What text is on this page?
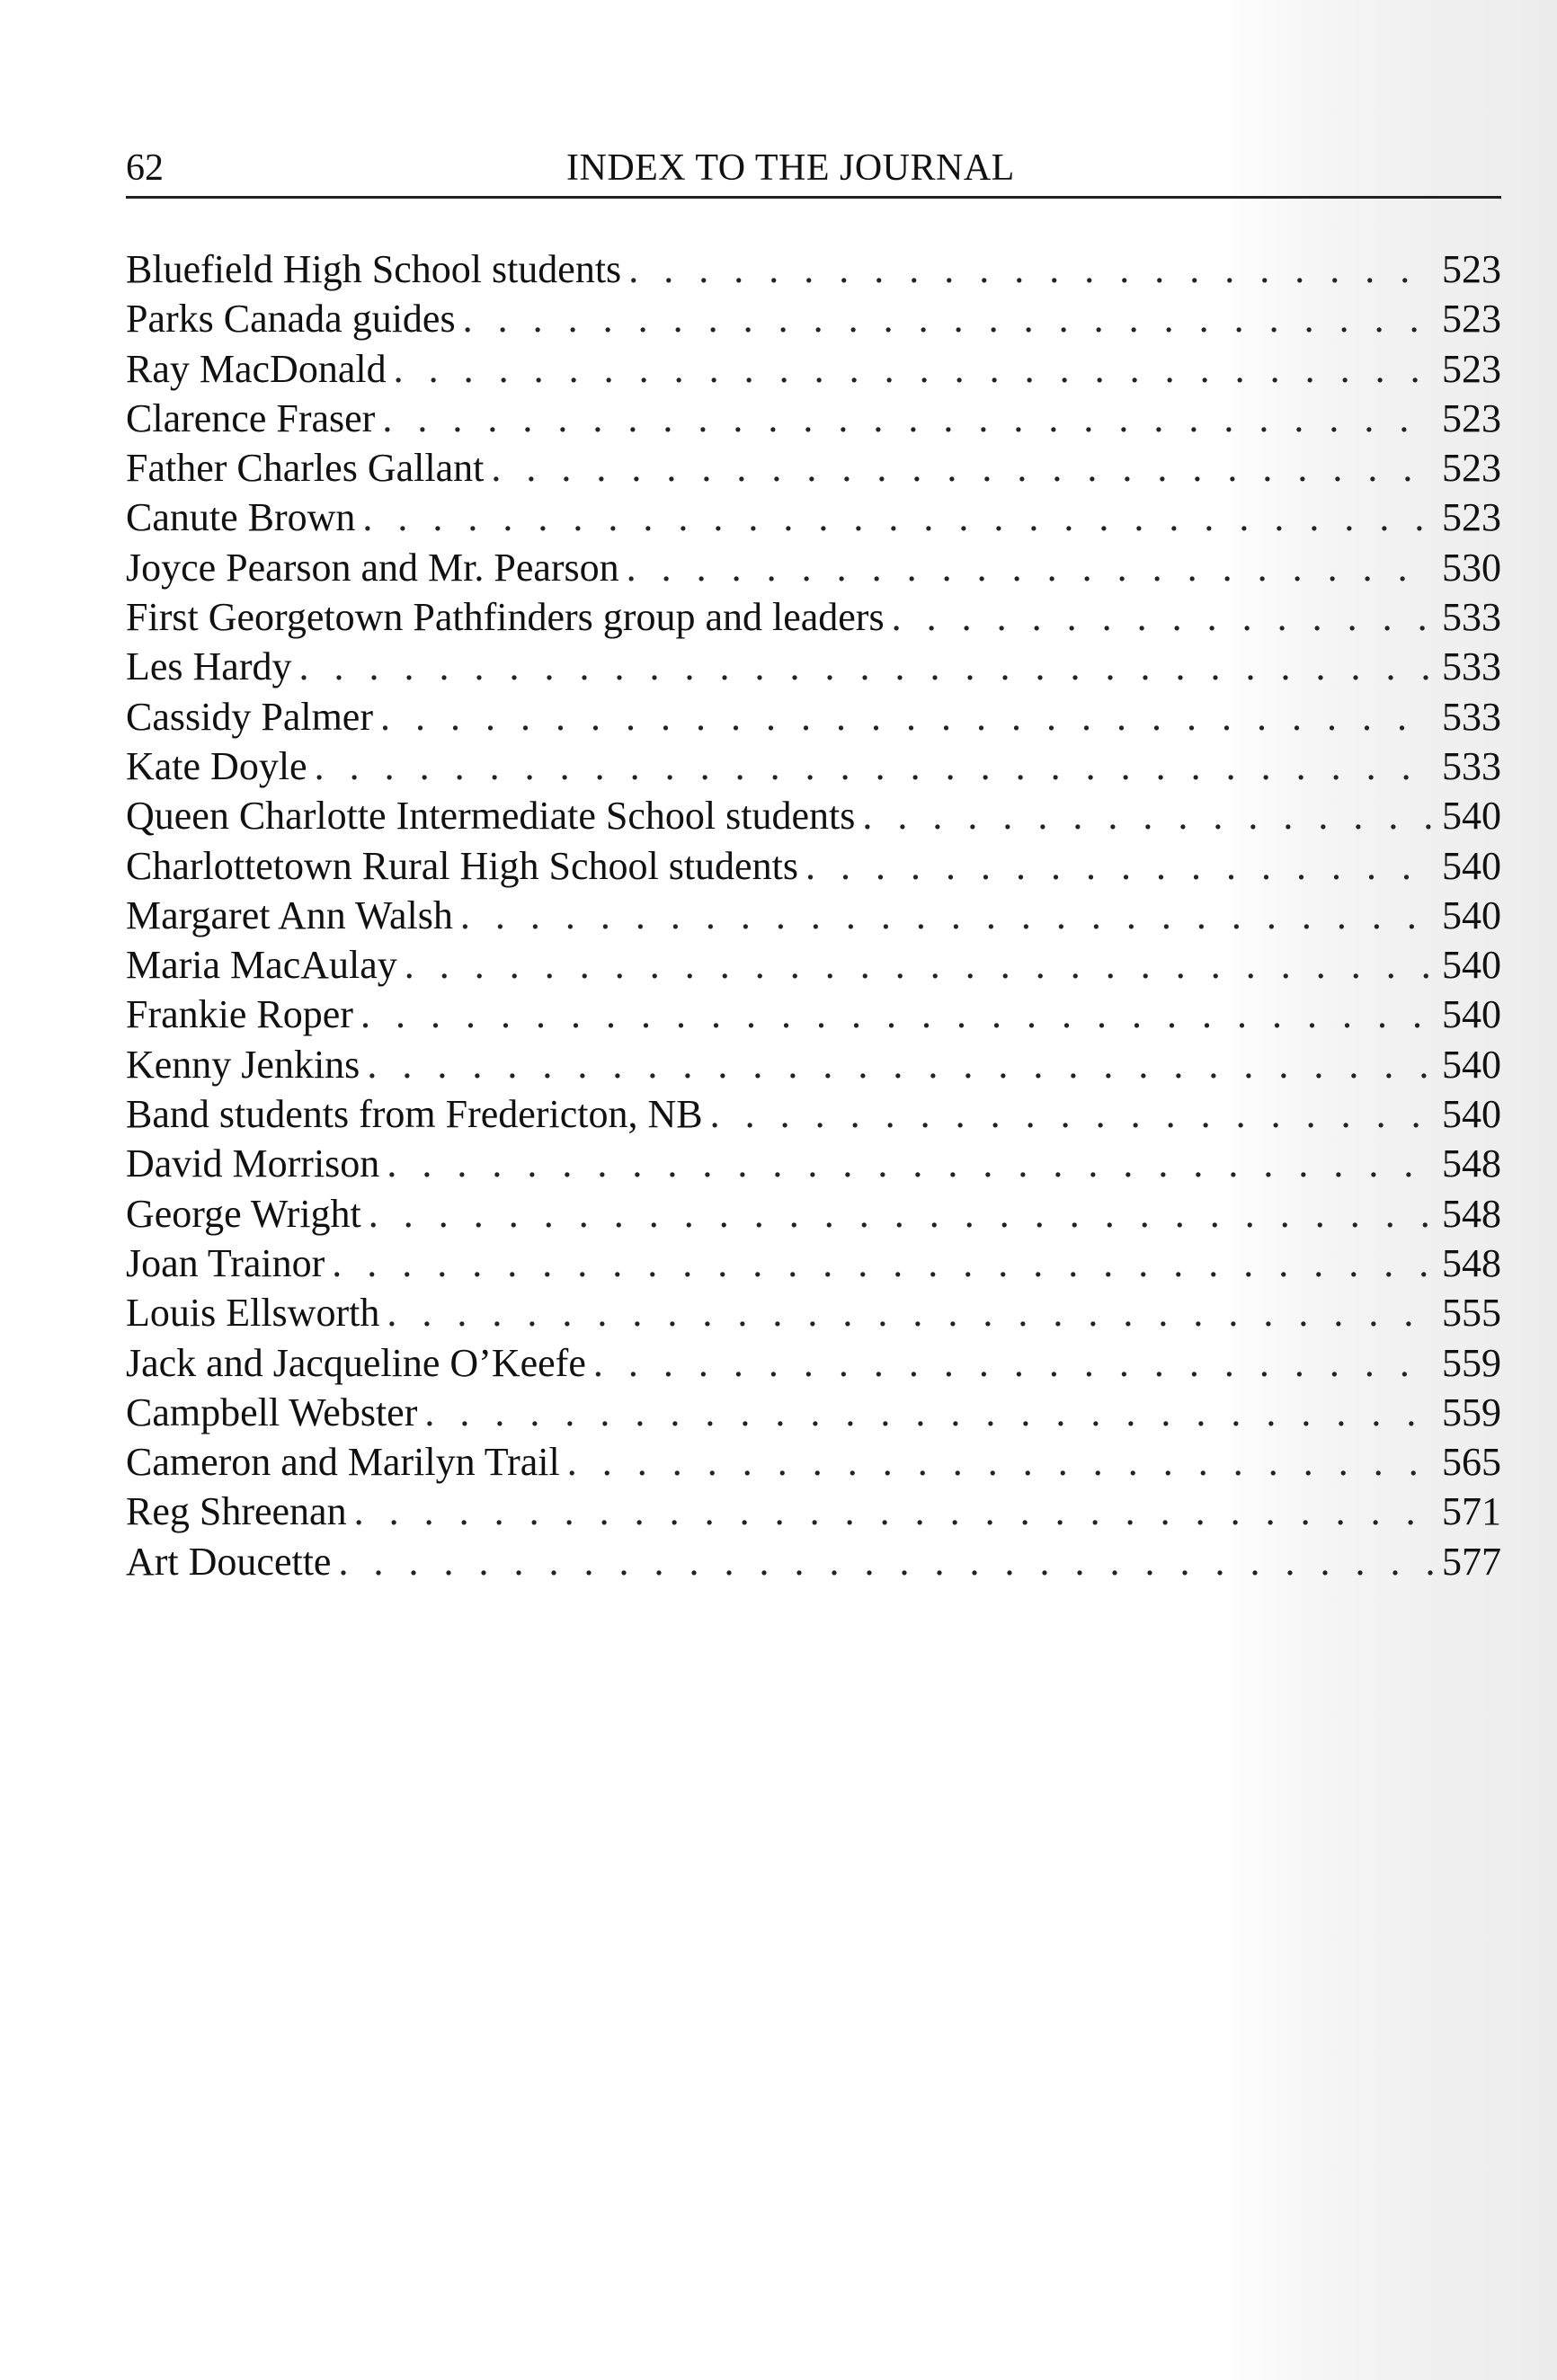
62	INDEX TO THE JOURNAL
Bluefield High School students . . .	523
Parks Canada guides . . .	523
Ray MacDonald . . .	523
Clarence Fraser . . .	523
Father Charles Gallant . . .	523
Canute Brown . . .	523
Joyce Pearson and Mr. Pearson . . .	530
First Georgetown Pathfinders group and leaders . . .	533
Les Hardy . . .	533
Cassidy Palmer . . .	533
Kate Doyle . . .	533
Queen Charlotte Intermediate School students . . .	540
Charlottetown Rural High School students . . .	540
Margaret Ann Walsh . . .	540
Maria MacAulay . . .	540
Frankie Roper . . .	540
Kenny Jenkins . . .	540
Band students from Fredericton, NB . . .	540
David Morrison . . .	548
George Wright . . .	548
Joan Trainor . . .	548
Louis Ellsworth . . .	555
Jack and Jacqueline O’Keefe . . .	559
Campbell Webster . . .	559
Cameron and Marilyn Trail . . .	565
Reg Shreenan . . .	571
Art Doucette . . .	577
